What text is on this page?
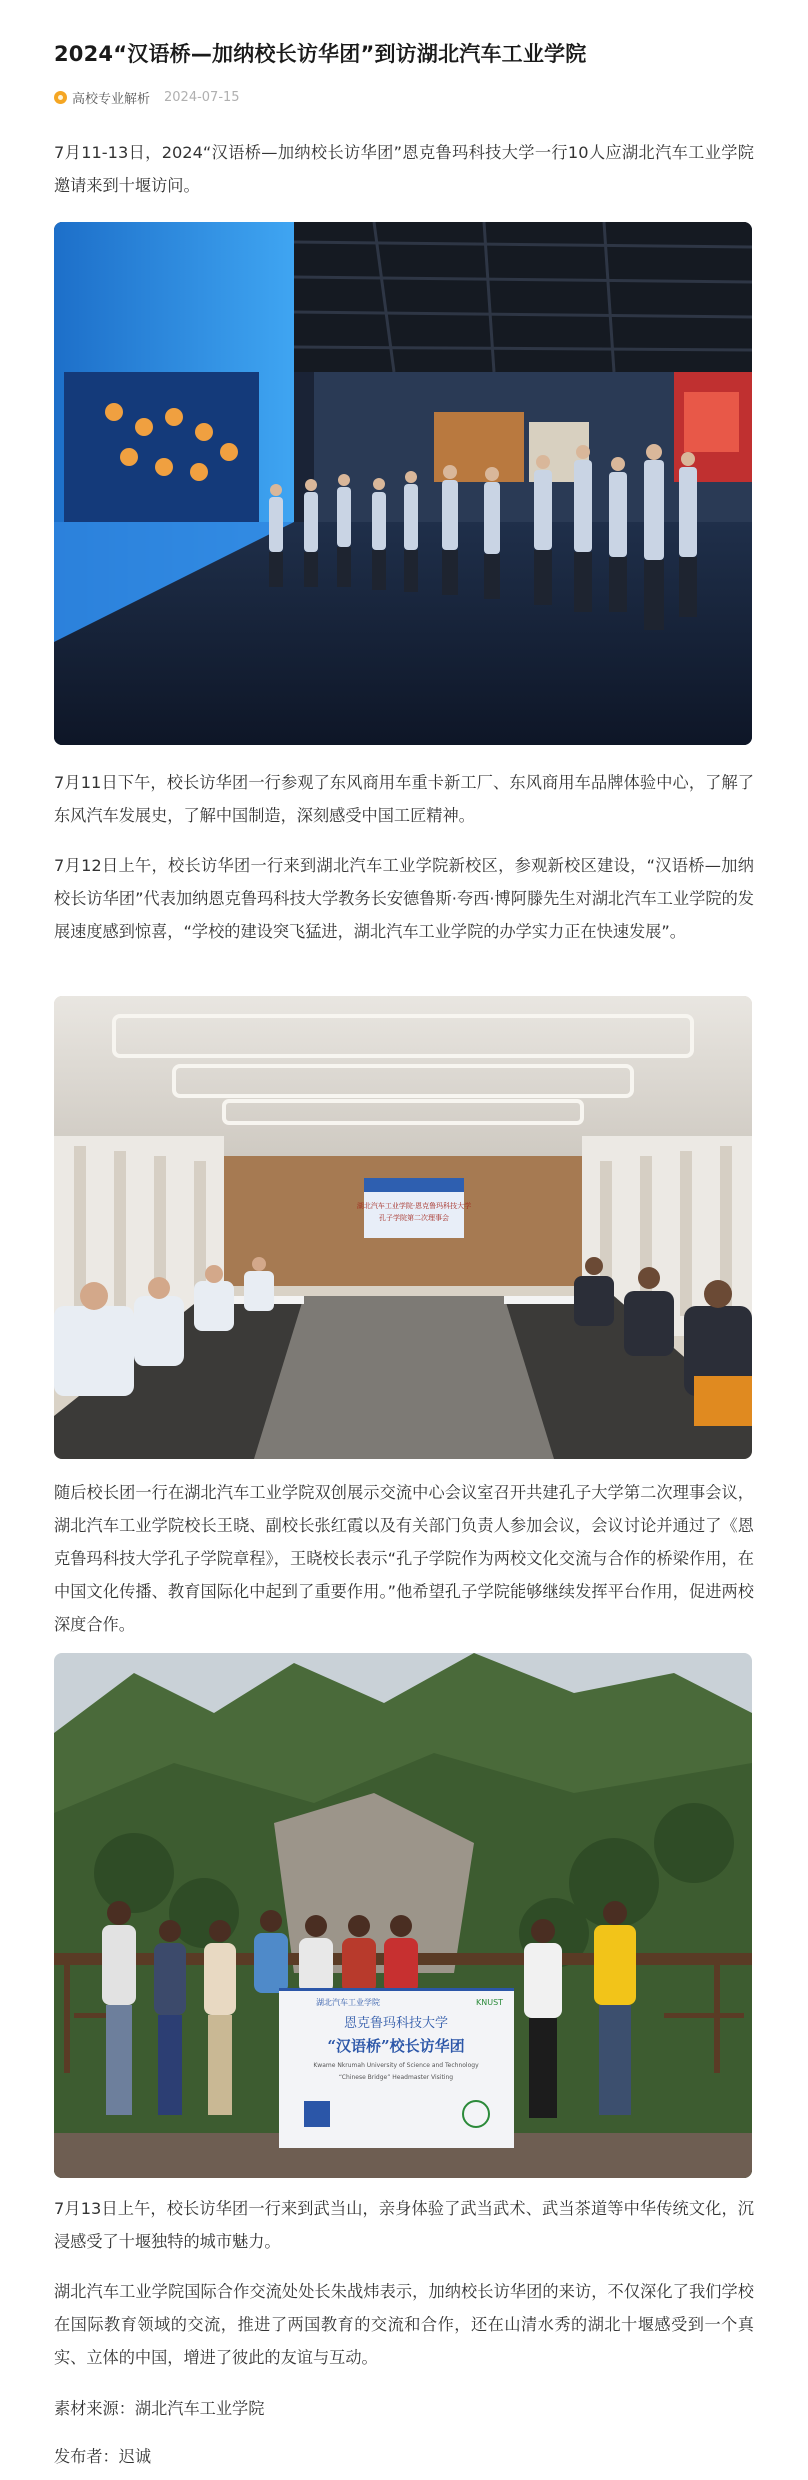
2024“汉语桥—加纳校长访华团”到访湖北汽车工业学院
高校专业解析 2024-07-15

7月11-13日，2024“汉语桥—加纳校长访华团”恩克鲁玛科技大学一行10人应湖北汽车工业学院邀请来到十堰访问。

7月11日下午，校长访华团一行参观了东风商用车重卡新工厂、东风商用车品牌体验中心，了解了东风汽车发展史，了解中国制造，深刻感受中国工匠精神。

7月12日上午，校长访华团一行来到湖北汽车工业学院新校区，参观新校区建设，“汉语桥—加纳校长访华团”代表加纳恩克鲁玛科技大学教务长安德鲁斯·夸西·博阿滕先生对湖北汽车工业学院的发展速度感到惊喜，“学校的建设突飞猛进，湖北汽车工业学院的办学实力正在快速发展”。

湖北汽车工业学院·恩克鲁玛科技大学
孔子学院第二次理事会

随后校长团一行在湖北汽车工业学院双创展示交流中心会议室召开共建孔子大学第二次理事会议，湖北汽车工业学院校长王晓、副校长张红霞以及有关部门负责人参加会议，会议讨论并通过了《恩克鲁玛科技大学孔子学院章程》，王晓校长表示“孔子学院作为两校文化交流与合作的桥梁作用，在中国文化传播、教育国际化中起到了重要作用。”他希望孔子学院能够继续发挥平台作用，促进两校深度合作。

湖北汽车工业学院	KNUST
恩克鲁玛科技大学
“汉语桥”校长访华团
Kwame Nkrumah University of Science and Technology
“Chinese Bridge” Headmaster Visiting

7月13日上午，校长访华团一行来到武当山，亲身体验了武当武术、武当茶道等中华传统文化，沉浸感受了十堰独特的城市魅力。

湖北汽车工业学院国际合作交流处处长朱战炜表示，加纳校长访华团的来访，不仅深化了我们学校在国际教育领域的交流，推进了两国教育的交流和合作，还在山清水秀的湖北十堰感受到一个真实、立体的中国，增进了彼此的友谊与互动。

素材来源：湖北汽车工业学院

发布者：迟诚
